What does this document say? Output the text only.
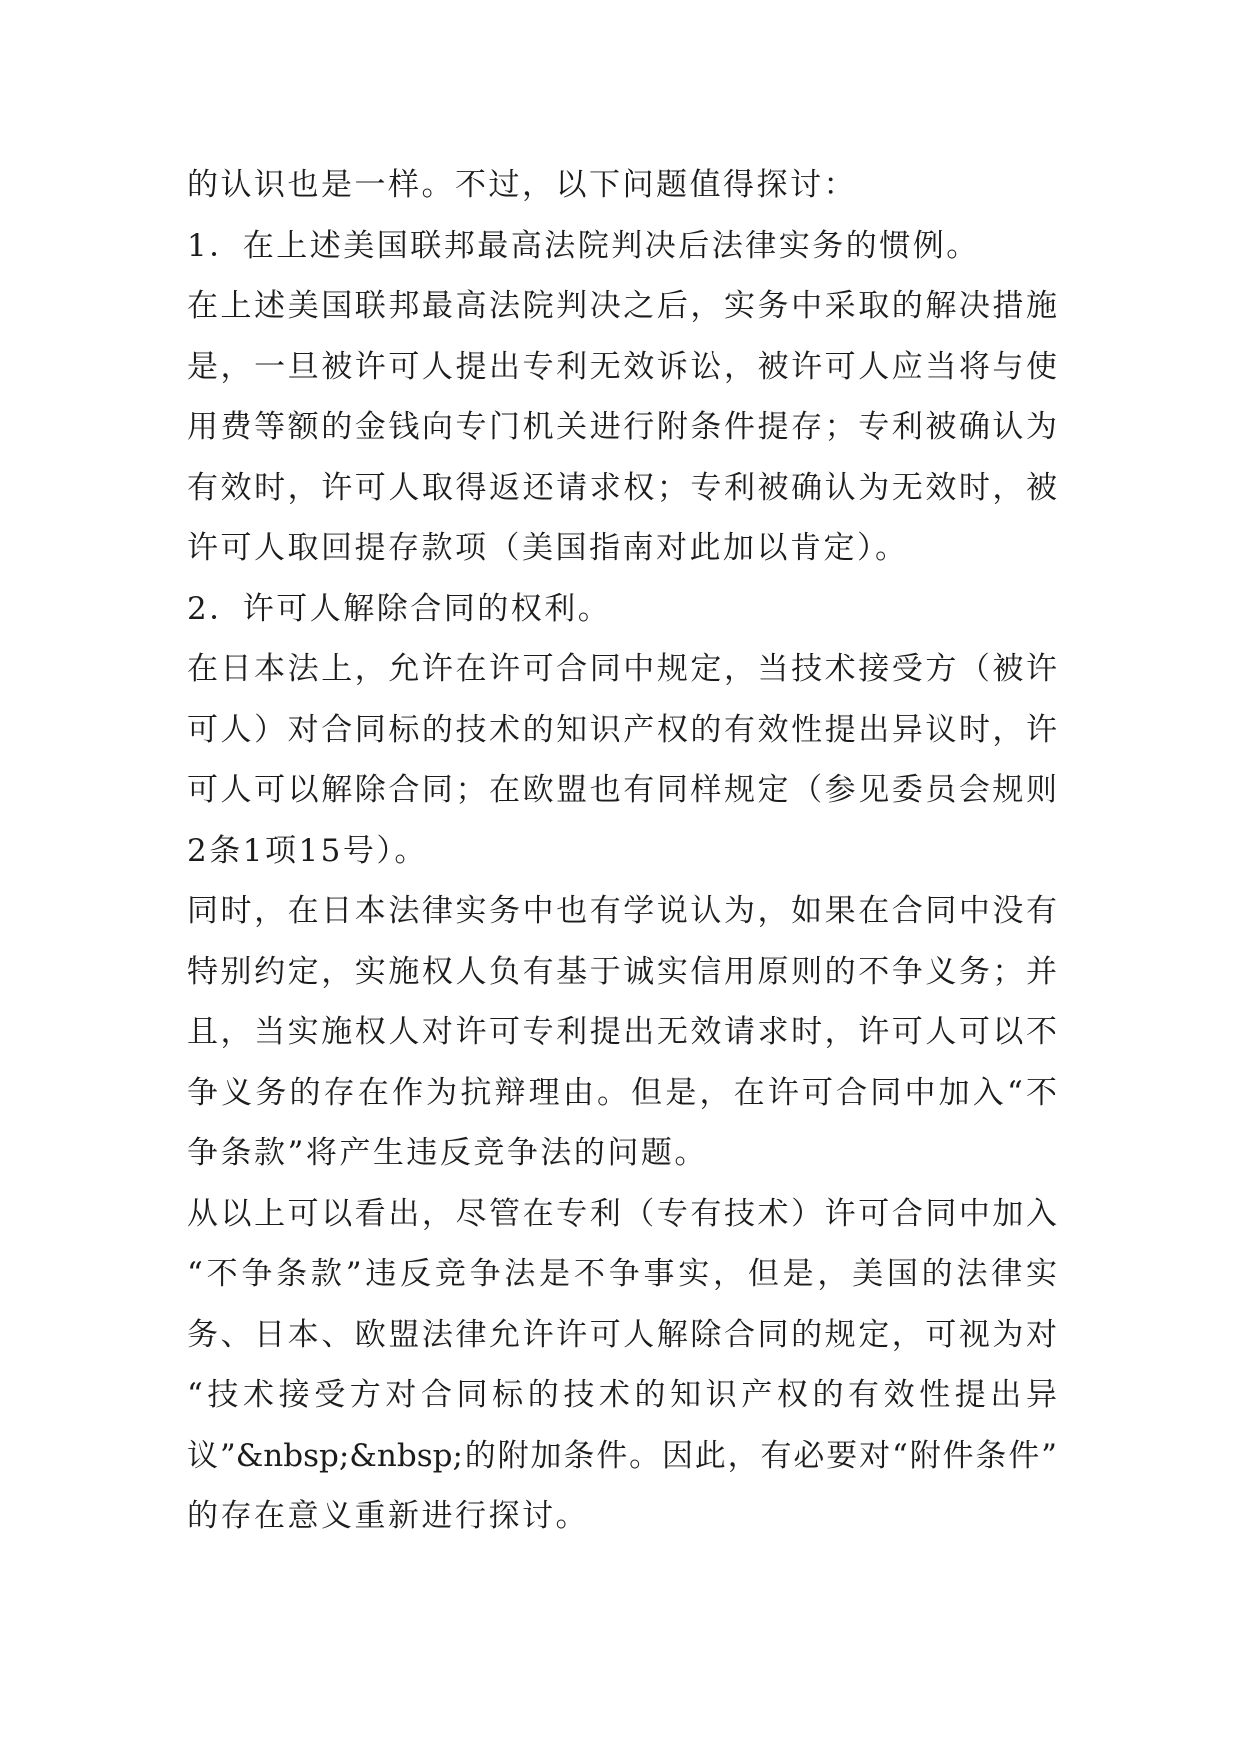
的认识也是一样。不过，以下问题值得探讨：
1．在上述美国联邦最高法院判决后法律实务的惯例。
在上述美国联邦最高法院判决之后，实务中采取的解决措施
是，一旦被许可人提出专利无效诉讼，被许可人应当将与使
用费等额的金钱向专门机关进行附条件提存；专利被确认为
有效时，许可人取得返还请求权；专利被确认为无效时，被
许可人取回提存款项（美国指南对此加以肯定）。
2．许可人解除合同的权利。
在日本法上，允许在许可合同中规定，当技术接受方（被许
可人）对合同标的技术的知识产权的有效性提出异议时，许
可人可以解除合同；在欧盟也有同样规定（参见委员会规则
2条1项15号）。
同时，在日本法律实务中也有学说认为，如果在合同中没有
特别约定，实施权人负有基于诚实信用原则的不争义务；并
且，当实施权人对许可专利提出无效请求时，许可人可以不
争义务的存在作为抗辩理由。但是，在许可合同中加入“不
争条款”将产生违反竞争法的问题。
从以上可以看出，尽管在专利（专有技术）许可合同中加入
“不争条款”违反竞争法是不争事实，但是，美国的法律实
务、日本、欧盟法律允许许可人解除合同的规定，可视为对
“技术接受方对合同标的技术的知识产权的有效性提出异
议”&nbsp;&nbsp;的附加条件。因此，有必要对“附件条件”
的存在意义重新进行探讨。
